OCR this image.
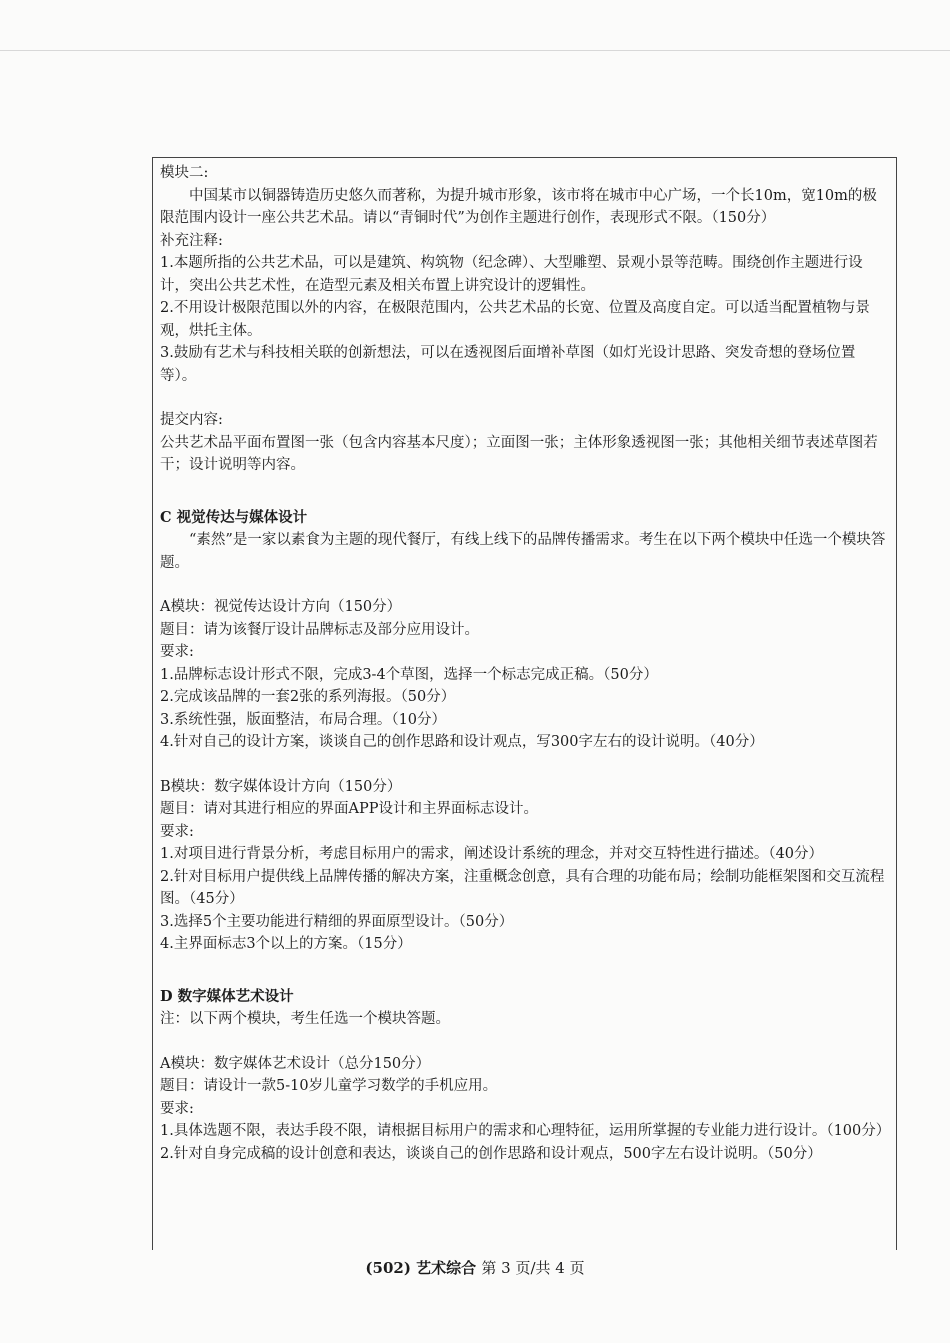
模块二:

中国某市以铜器铸造历史悠久而著称，为提升城市形象，该市将在城市中心广场，一个长10m，宽10m的极限范围内设计一座公共艺术品。请以“青铜时代”为创作主题进行创作，表现形式不限。（150分）

补充注释:

1.本题所指的公共艺术品，可以是建筑、构筑物（纪念碑）、大型雕塑、景观小景等范畴。围绕创作主题进行设计，突出公共艺术性，在造型元素及相关布置上讲究设计的逻辑性。

2.不用设计极限范围以外的内容，在极限范围内，公共艺术品的长宽、位置及高度自定。可以适当配置植物与景观，烘托主体。

3.鼓励有艺术与科技相关联的创新想法，可以在透视图后面增补草图（如灯光设计思路、突发奇想的登场位置等）。

提交内容:

公共艺术品平面布置图一张（包含内容基本尺度）；立面图一张；主体形象透视图一张；其他相关细节表述草图若干；设计说明等内容。

C 视觉传达与媒体设计

“素然”是一家以素食为主题的现代餐厅，有线上线下的品牌传播需求。考生在以下两个模块中任选一个模块答题。

A模块：视觉传达设计方向（150分）

题目：请为该餐厅设计品牌标志及部分应用设计。

要求:

1.品牌标志设计形式不限，完成3-4个草图，选择一个标志完成正稿。（50分）

2.完成该品牌的一套2张的系列海报。（50分）

3.系统性强，版面整洁，布局合理。（10分）

4.针对自己的设计方案，谈谈自己的创作思路和设计观点，写300字左右的设计说明。（40分）

B模块：数字媒体设计方向（150分）

题目：请对其进行相应的界面APP设计和主界面标志设计。

要求:

1.对项目进行背景分析，考虑目标用户的需求，阐述设计系统的理念，并对交互特性进行描述。（40分）

2.针对目标用户提供线上品牌传播的解决方案，注重概念创意，具有合理的功能布局；绘制功能框架图和交互流程图。（45分）

3.选择5个主要功能进行精细的界面原型设计。（50分）

4.主界面标志3个以上的方案。（15分）

D 数字媒体艺术设计

注：以下两个模块，考生任选一个模块答题。

A模块：数字媒体艺术设计（总分150分）

题目：请设计一款5-10岁儿童学习数学的手机应用。

要求:

1.具体选题不限，表达手段不限，请根据目标用户的需求和心理特征，运用所掌握的专业能力进行设计。（100分）

2.针对自身完成稿的设计创意和表达，谈谈自己的创作思路和设计观点，500字左右设计说明。（50分）

(502) 艺术综合 第 3 页/共 4 页
